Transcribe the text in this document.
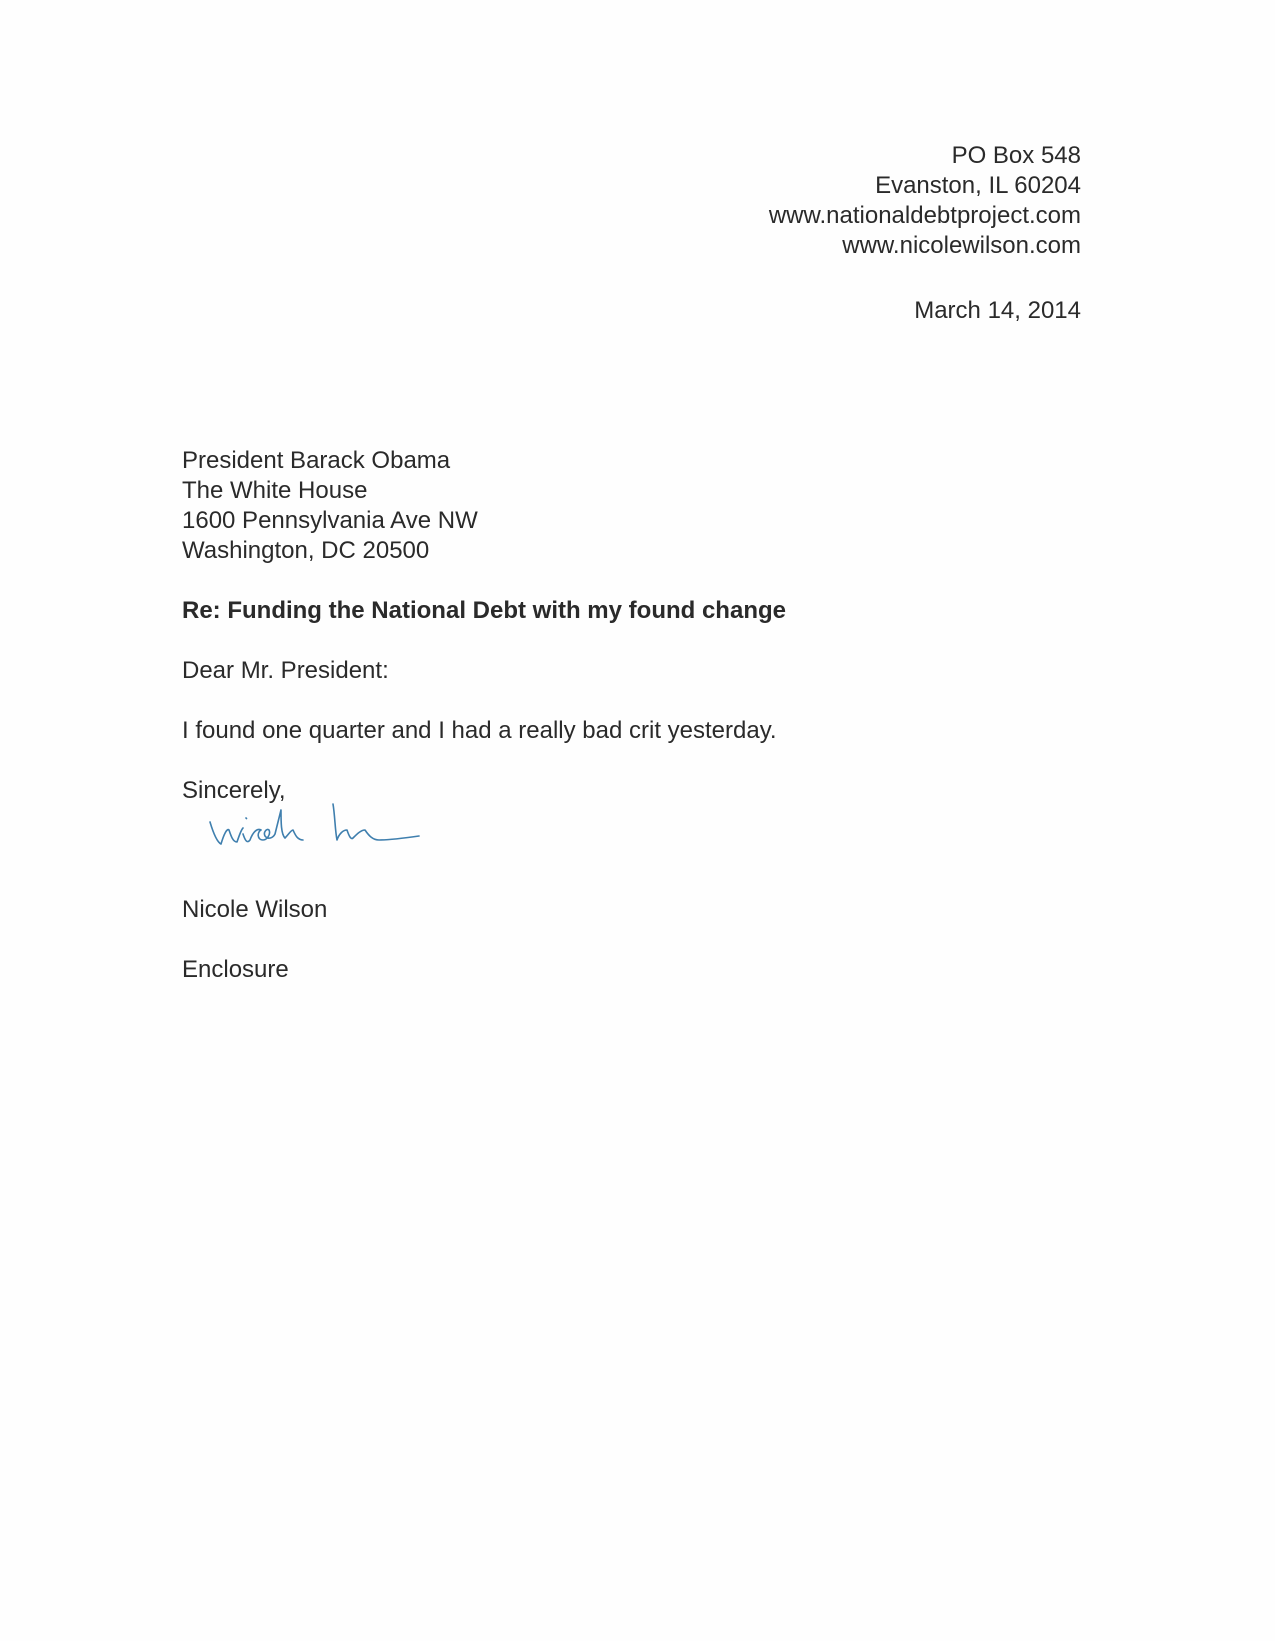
PO Box 548
Evanston, IL 60204
www.nationaldebtproject.com
www.nicolewilson.com
March 14, 2014
President Barack Obama
The White House
1600 Pennsylvania Ave NW
Washington, DC 20500
Re: Funding the National Debt with my found change
Dear Mr. President:
I found one quarter and I had a really bad crit yesterday.
Sincerely,
Nicole Wilson
Enclosure
